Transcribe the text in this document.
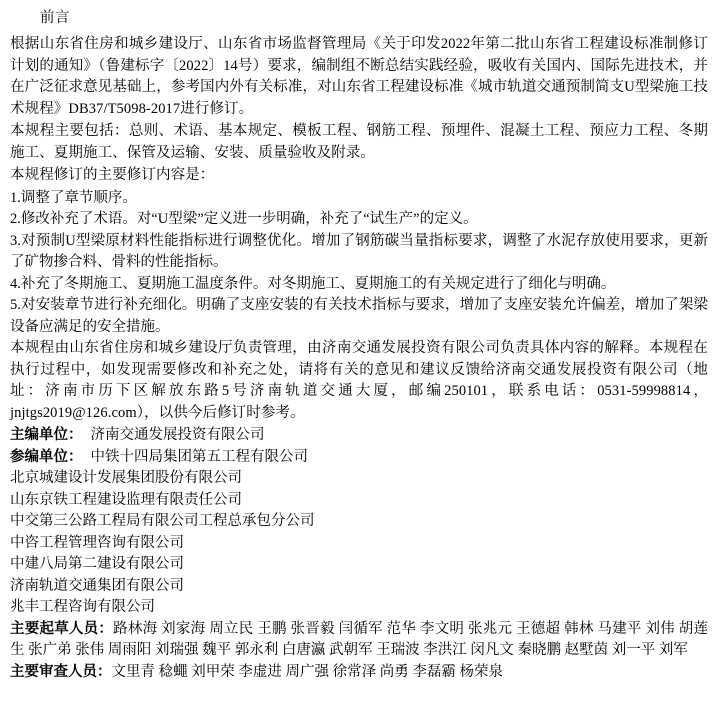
前言

根据山东省住房和城乡建设厅、山东省市场监督管理局《关于印发2022年第二批山东省工程建设标准制修订计划的通知》（鲁建标字〔2022〕14号）要求，编制组不断总结实践经验，吸收有关国内、国际先进技术，并在广泛征求意见基础上，参考国内外有关标准，对山东省工程建设标准《城市轨道交通预制简支U型梁施工技术规程》DB37/T5098-2017进行修订。

本规程主要包括：总则、术语、基本规定、模板工程、钢筋工程、预埋件、混凝土工程、预应力工程、冬期施工、夏期施工、保管及运输、安装、质量验收及附录。

本规程修订的主要修订内容是：

1.调整了章节顺序。

2.修改补充了术语。对“U型梁”定义进一步明确，补充了“试生产”的定义。

3.对预制U型梁原材料性能指标进行调整优化。增加了钢筋碳当量指标要求，调整了水泥存放使用要求，更新了矿物掺合料、骨料的性能指标。

4.补充了冬期施工、夏期施工温度条件。对冬期施工、夏期施工的有关规定进行了细化与明确。

5.对安装章节进行补充细化。明确了支座安装的有关技术指标与要求，增加了支座安装允许偏差，增加了架梁设备应满足的安全措施。

本规程由山东省住房和城乡建设厅负责管理，由济南交通发展投资有限公司负责具体内容的解释。本规程在执行过程中，如发现需要修改和补充之处，请将有关的意见和建议反馈给济南交通发展投资有限公司（地址：济南市历下区解放东路5号济南轨道交通大厦，邮编250101，联系电话：0531-59998814，jnjtgs2019@126.com），以供今后修订时参考。

主编单位： 济南交通发展投资有限公司

参编单位： 中铁十四局集团第五工程有限公司

北京城建设计发展集团股份有限公司

山东京铁工程建设监理有限责任公司

中交第三公路工程局有限公司工程总承包分公司

中咨工程管理咨询有限公司

中建八局第二建设有限公司

济南轨道交通集团有限公司

兆丰工程咨询有限公司

主要起草人员：路林海 刘家海 周立民 王鹏 张晋毅 闫循军 范华 李文明 张兆元 王德超 韩林 马建平 刘伟 胡莲生 张广弟 张伟 周雨阳 刘瑞强 魏平 郭永利 白唐瀛 武朝军 王瑞波 李洪江 闵凡文 秦晓鹏 赵墅茵 刘一平 刘军

主要审查人员：文里青 稔蠅 刘甲荣 李虚进 周广强 徐常泽 尚勇 李磊霸 杨荣泉
